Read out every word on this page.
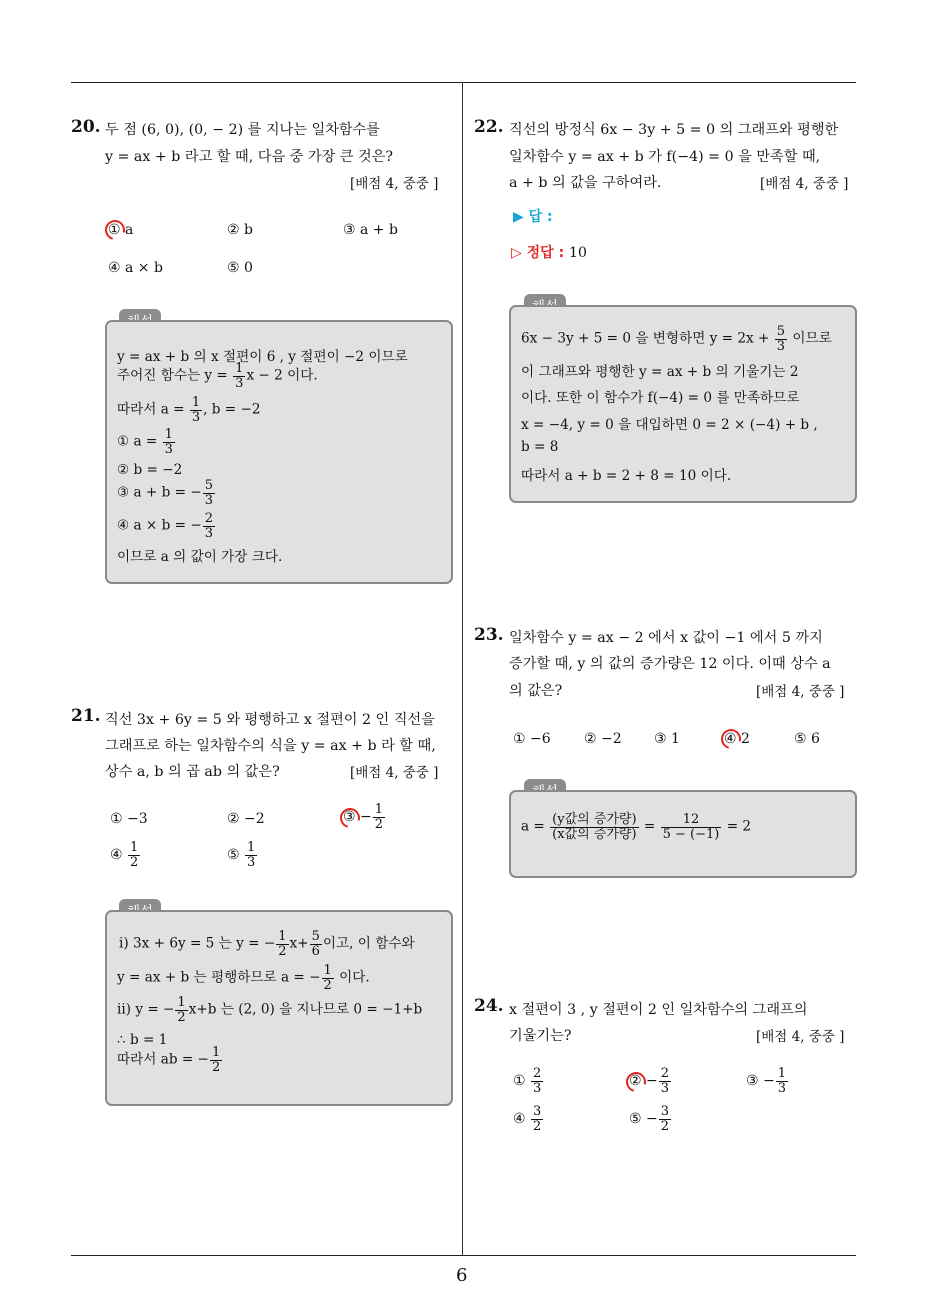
6
20. 두 점 (6, 0), (0, − 2) 를 지나는 일차함수를
y = ax + b 라고 할 때, 다음 중 가장 큰 것은?
[배점 4, 중중 ]
① a	② b	③ a + b
④ a × b	⑤ 0
y = ax + b 의 x 절편이 6 , y 절편이 −2 이므로
주어진 함수는 $y = \frac{1}{3}$ x − 2 이다.
따라서 $a = \frac{1}{3}$ , b = −2
① $a = \frac{1}{3}$
② b = −2
③ a + b = − $\frac{5}{3}$
④ a × b = − $\frac{2}{3}$
이므로 a 의 값이 가장 크다.
21. 직선 3x + 6y = 5 와 평행하고 x 절편이 2 인 직선을
그래프로 하는 일차함수의 식을 y = ax + b 라 할 때,
상수 a, b 의 곱 ab 의 값은?	[배점 4, 중중 ]
① −3	② −2	③ − $\frac{1}{2}$
④ $\frac{1}{2}$	⑤ $\frac{1}{3}$
ⅰ) 3x + 6y = 5 는 y = − $\frac{1}{2} x+ \frac{5}{6}$ 이고, 이 함수와
y = ax + b 는 평행하므로 a = − $\frac{1}{2}$ 이다.
ⅱ) y = − $\frac{1}{2} x+b$ 는 (2, 0) 을 지나므로 0 = −1+b
∴ b = 1
따라서 ab = − $\frac{1}{2}$
22. 직선의 방정식 6x − 3y + 5 = 0 의 그래프와 평행한
일차함수 y = ax + b 가 f(−4) = 0 을 만족할 때,
a + b 의 값을 구하여라.	[배점 4, 중중 ]
▶ 답 :
▷ 정답 : 10
6x − 3y + 5 = 0 을 변형하면 $y = 2x + \frac{5}{3}$ 이므로
이 그래프와 평행한 y = ax + b 의 기울기는 2
이다. 또한 이 함수가 f(−4) = 0 를 만족하므로
x = −4, y = 0 을 대입하면 0 = 2 × (−4) + b ,
b = 8
따라서 a + b = 2 + 8 = 10 이다.
23. 일차함수 y = ax − 2 에서 x 값이 −1 에서 5 까지
증가할 때, y 의 값의 증가량은 12 이다. 이때 상수 a
의 값은?	[배점 4, 중중 ]
① −6 ② −2 ③ 1	④ 2	⑤ 6
$a = \frac{\text{(y값의 증가량)}}{\text{(x값의 증가량)}} = \frac{12}{5 - (-1)} = 2$
24. x 절편이 3 , y 절편이 2 인 일차함수의 그래프의
기울기는?	[배점 4, 중중 ]
① $\frac{2}{3}$	② − $\frac{2}{3}$	③ − $\frac{1}{3}$
④ $\frac{3}{2}$	⑤ − $\frac{3}{2}$
